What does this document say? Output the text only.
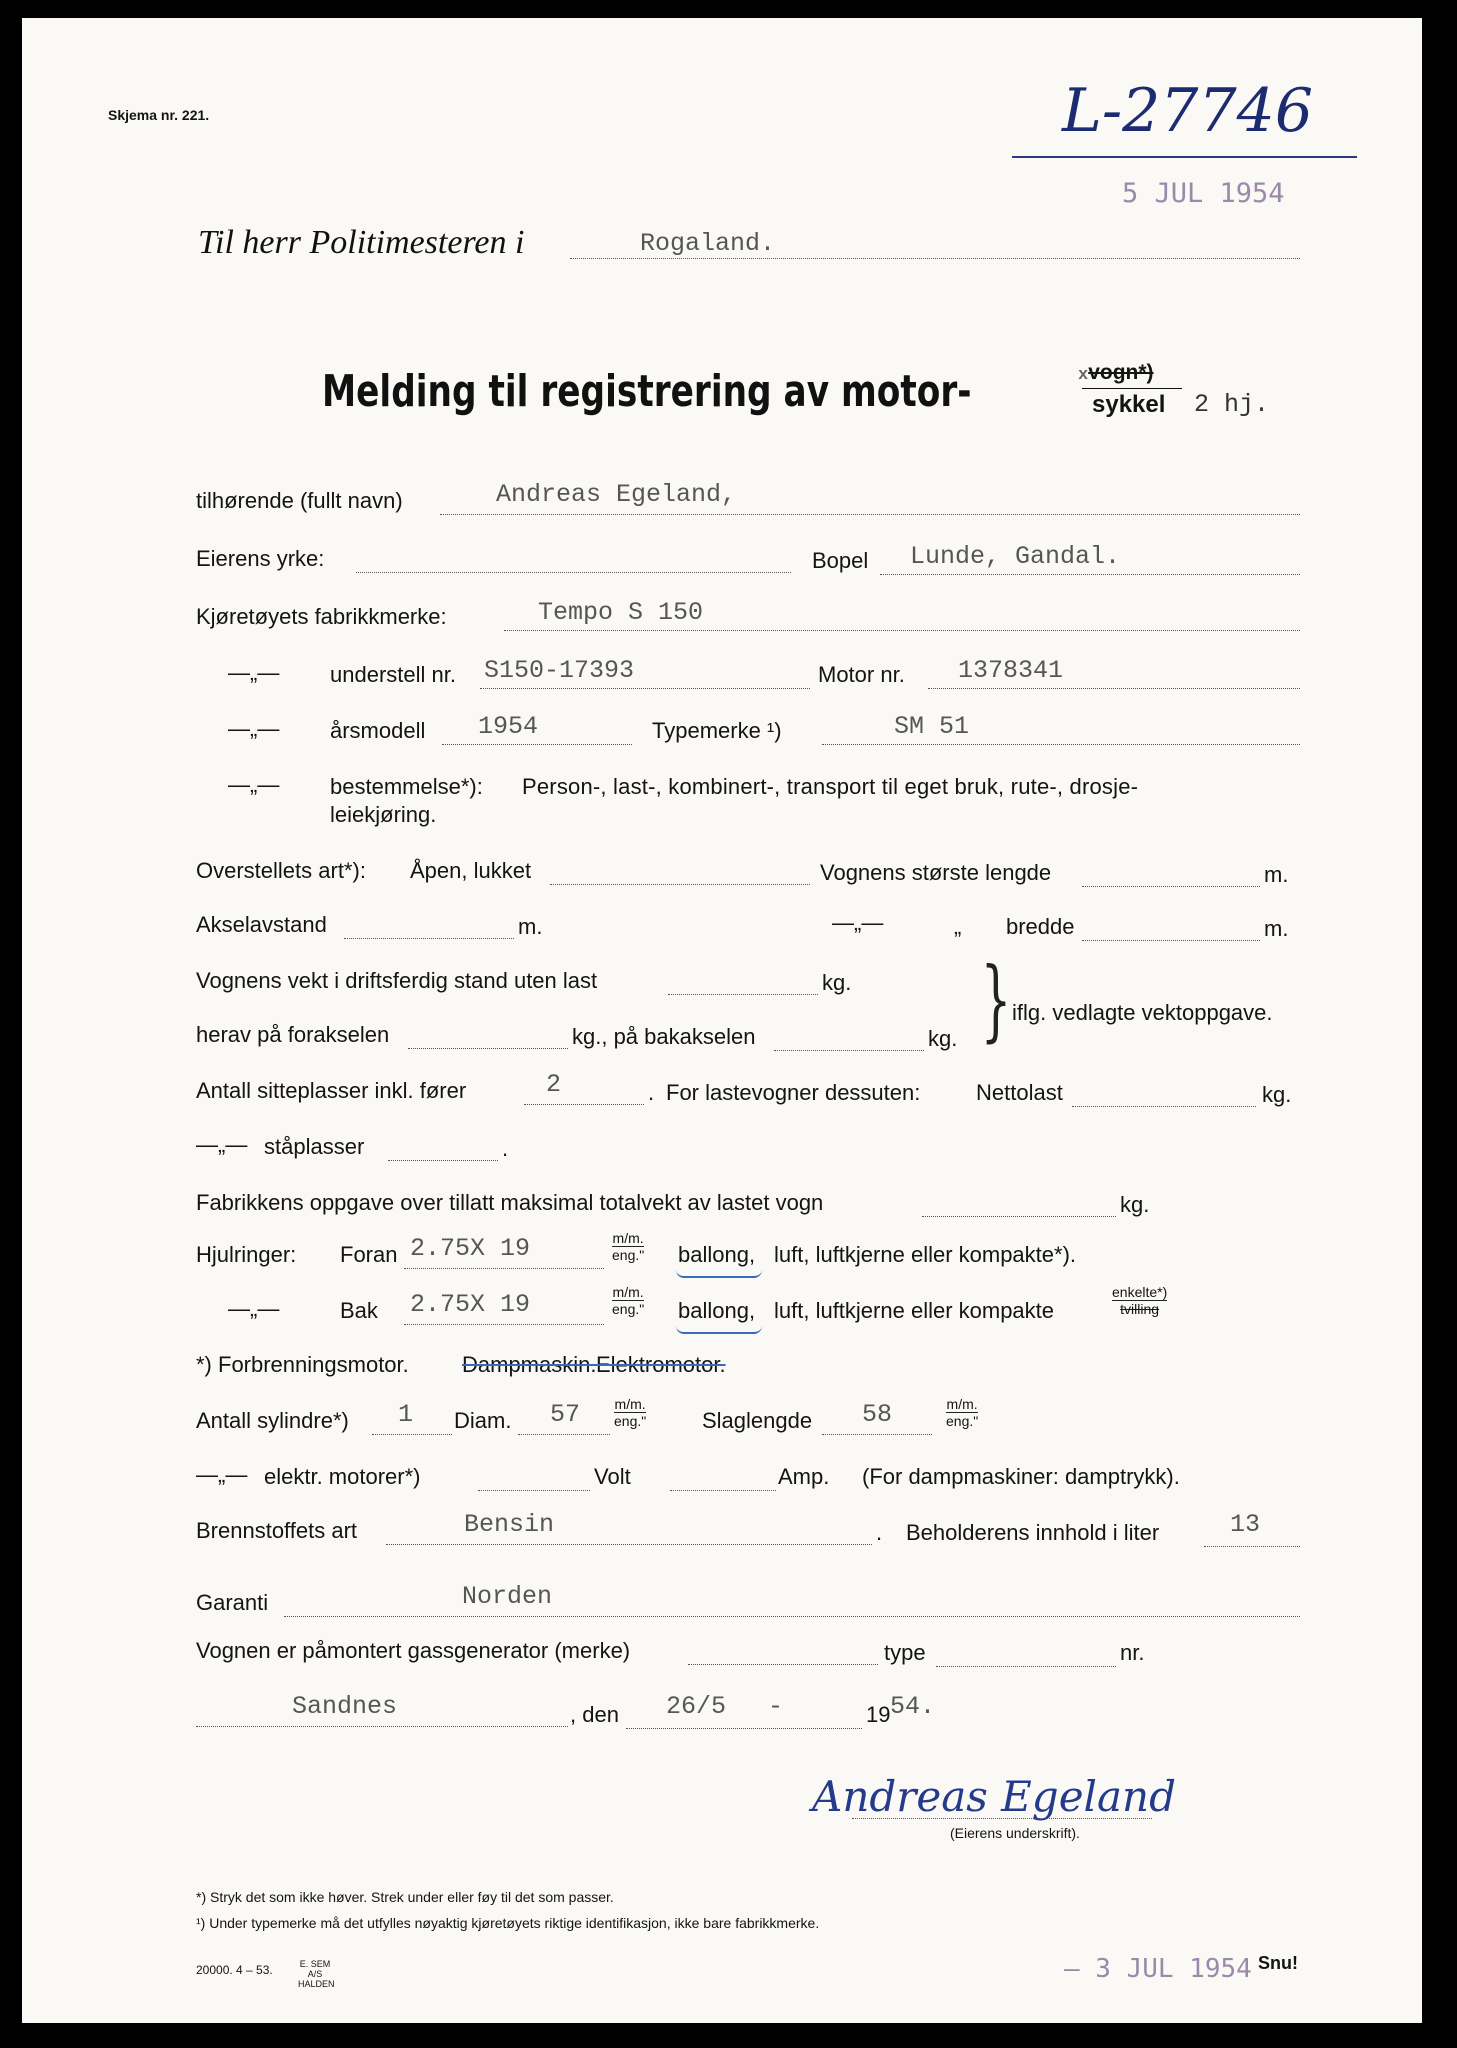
Skjema nr. 221.	L-27746
5 JUL 1954
Til herr Politimesteren i	Rogaland.
Melding til registrering av motor-	xvogn*)
sykkel 2 hj.
tilhørende (fullt navn)	Andreas Egeland,
Eierens yrke:	Bopel Lunde, Gandal.
Kjøretøyets fabrikkmerke:	Tempo S 150
—„— understell nr. S150-17393	Motor nr. 1378341
—„— årsmodell 1954	Typemerke ¹)	SM 51
—„— bestemmelse*): Person-, last-, kombinert-, transport til eget bruk, rute-, drosje-
leiekjøring.
Overstellets art*): Åpen, lukket	Vognens største lengde	m.
Akselavstand	m.	—„—	„ bredde	m.
Vognens vekt i driftsferdig stand uten last	kg.
herav på forakselen	kg., på bakakselen	kg. } iflg. vedlagte vektoppgave.
Antall sitteplasser inkl. fører	2	. For lastevogner dessuten:	Nettolast	kg.
—„— ståplasser	.
Fabrikkens oppgave over tillatt maksimal totalvekt av lastet vogn	kg.
Hjulringer: Foran 2.75X 19	$\frac{m/m.}{\text{eng."}}$ ballong, luft, luftkjerne eller kompakte*).
—„—	Bak 2.75X 19	$\frac{m/m.}{\text{eng."}}$ ballong, luft, luftkjerne eller kompakte	$\frac{\text{enkelte*)}}{\text{tvilling}}$
*) Forbrenningsmotor. Dampmaskin. Elektromotor.
Antall sylindre*) 1 Diam. $57 \frac{m/m.}{\text{eng."}}$	Slaglengde 58	$\frac{m/m.}{\text{eng."}}$
—„— elektr. motorer*)	Volt	Amp. (For dampmaskiner: damptrykk).
Brennstoffets art	Bensin	. Beholderens innhold i liter	13
Garanti	Norden
Vognen er påmontert gassgenerator (merke)	type	nr.
Sandnes	, den 26/5 -	19 54.
Andreas Egeland
(Eierens underskrift).
*) Stryk det som ikke høver. Strek under eller føy til det som passer.
¹) Under typemerke må det utfylles nøyaktig kjøretøyets riktige identifikasjon, ikke bare fabrikkmerke.
20000. 4 – 53.	E. SEM A/S HALDEN	– 3 JUL 1954 Snu!
